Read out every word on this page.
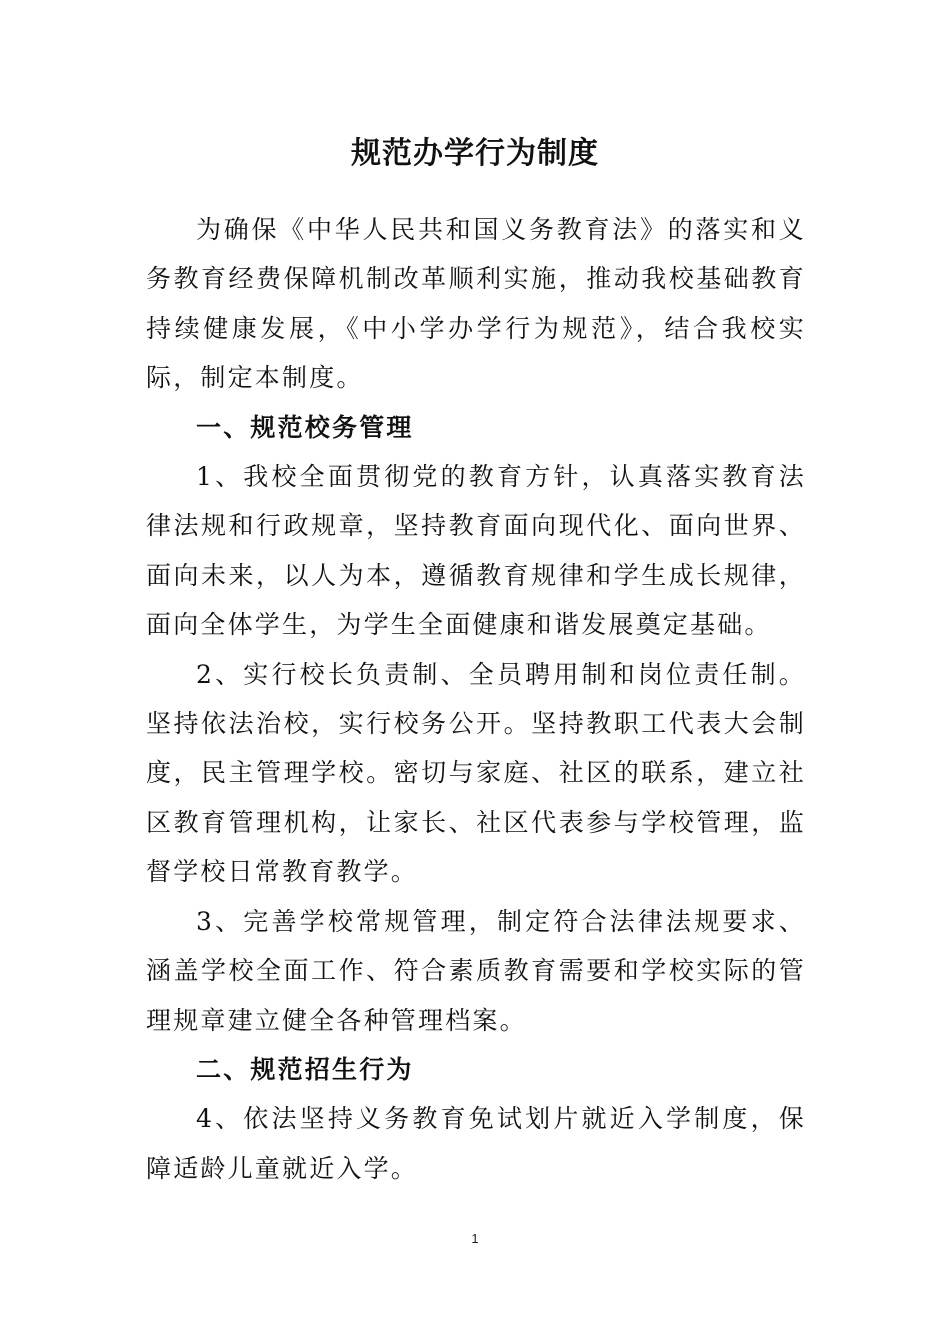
规范办学行为制度

为确保《中华人民共和国义务教育法》的落实和义务教育经费保障机制改革顺利实施，推动我校基础教育持续健康发展，《中小学办学行为规范》，结合我校实际，制定本制度。

一、规范校务管理

1、我校全面贯彻党的教育方针，认真落实教育法律法规和行政规章，坚持教育面向现代化、面向世界、面向未来，以人为本，遵循教育规律和学生成长规律，面向全体学生，为学生全面健康和谐发展奠定基础。

2、实行校长负责制、全员聘用制和岗位责任制。坚持依法治校，实行校务公开。坚持教职工代表大会制度，民主管理学校。密切与家庭、社区的联系，建立社区教育管理机构，让家长、社区代表参与学校管理，监督学校日常教育教学。

3、完善学校常规管理，制定符合法律法规要求、涵盖学校全面工作、符合素质教育需要和学校实际的管理规章建立健全各种管理档案。

二、规范招生行为

4、依法坚持义务教育免试划片就近入学制度，保障适龄儿童就近入学。

1
